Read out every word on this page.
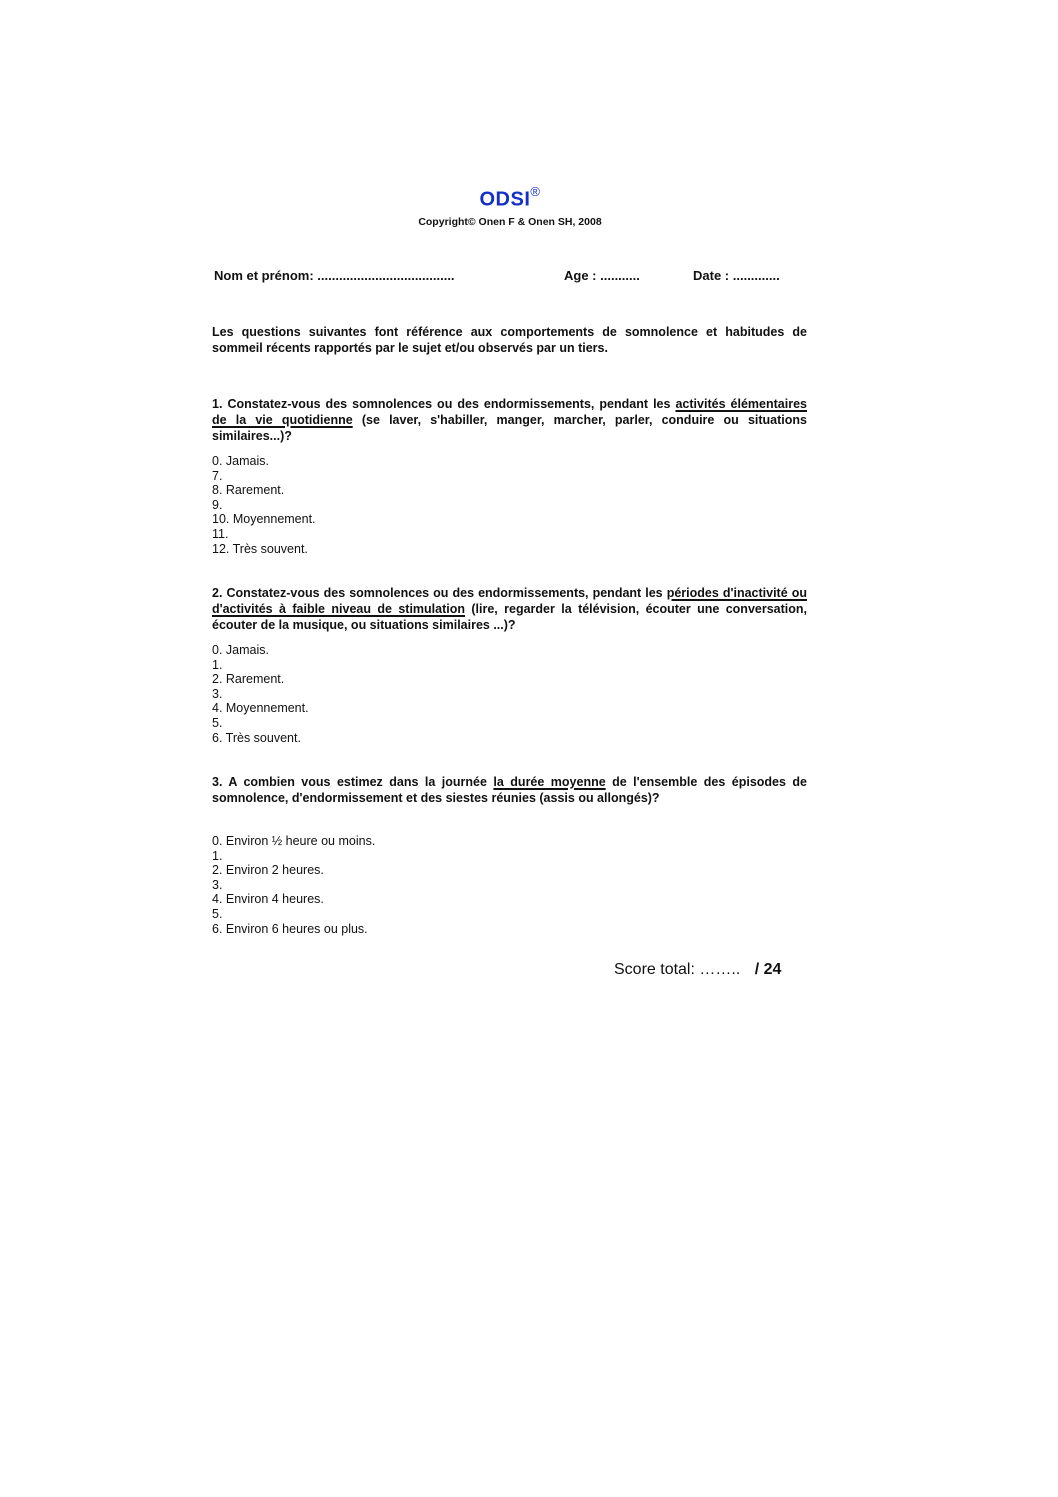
ODSI®
Copyright© Onen F & Onen SH, 2008
Nom et prénom: ......................................	Age : ...........	Date : .............
Les questions suivantes font référence aux comportements de somnolence et habitudes de sommeil récents rapportés par le sujet et/ou observés par un tiers.
1. Constatez-vous des somnolences ou des endormissements, pendant les activités élémentaires de la vie quotidienne (se laver, s'habiller, manger, marcher, parler, conduire ou situations similaires...)?
0. Jamais.
7.
8. Rarement.
9.
10. Moyennement.
11.
12. Très souvent.
2. Constatez-vous des somnolences ou des endormissements, pendant les périodes d'inactivité ou d'activités à faible niveau de stimulation (lire, regarder la télévision, écouter une conversation, écouter de la musique, ou situations similaires ...)?
0. Jamais.
1.
2. Rarement.
3.
4. Moyennement.
5.
6. Très souvent.
3. A combien vous estimez dans la journée la durée moyenne de l'ensemble des épisodes de somnolence, d'endormissement et des siestes réunies (assis ou allongés)?
0. Environ ½ heure ou moins.
1.
2. Environ 2 heures.
3.
4. Environ 4 heures.
5.
6. Environ 6 heures ou plus.
Score total: …….. / 24
